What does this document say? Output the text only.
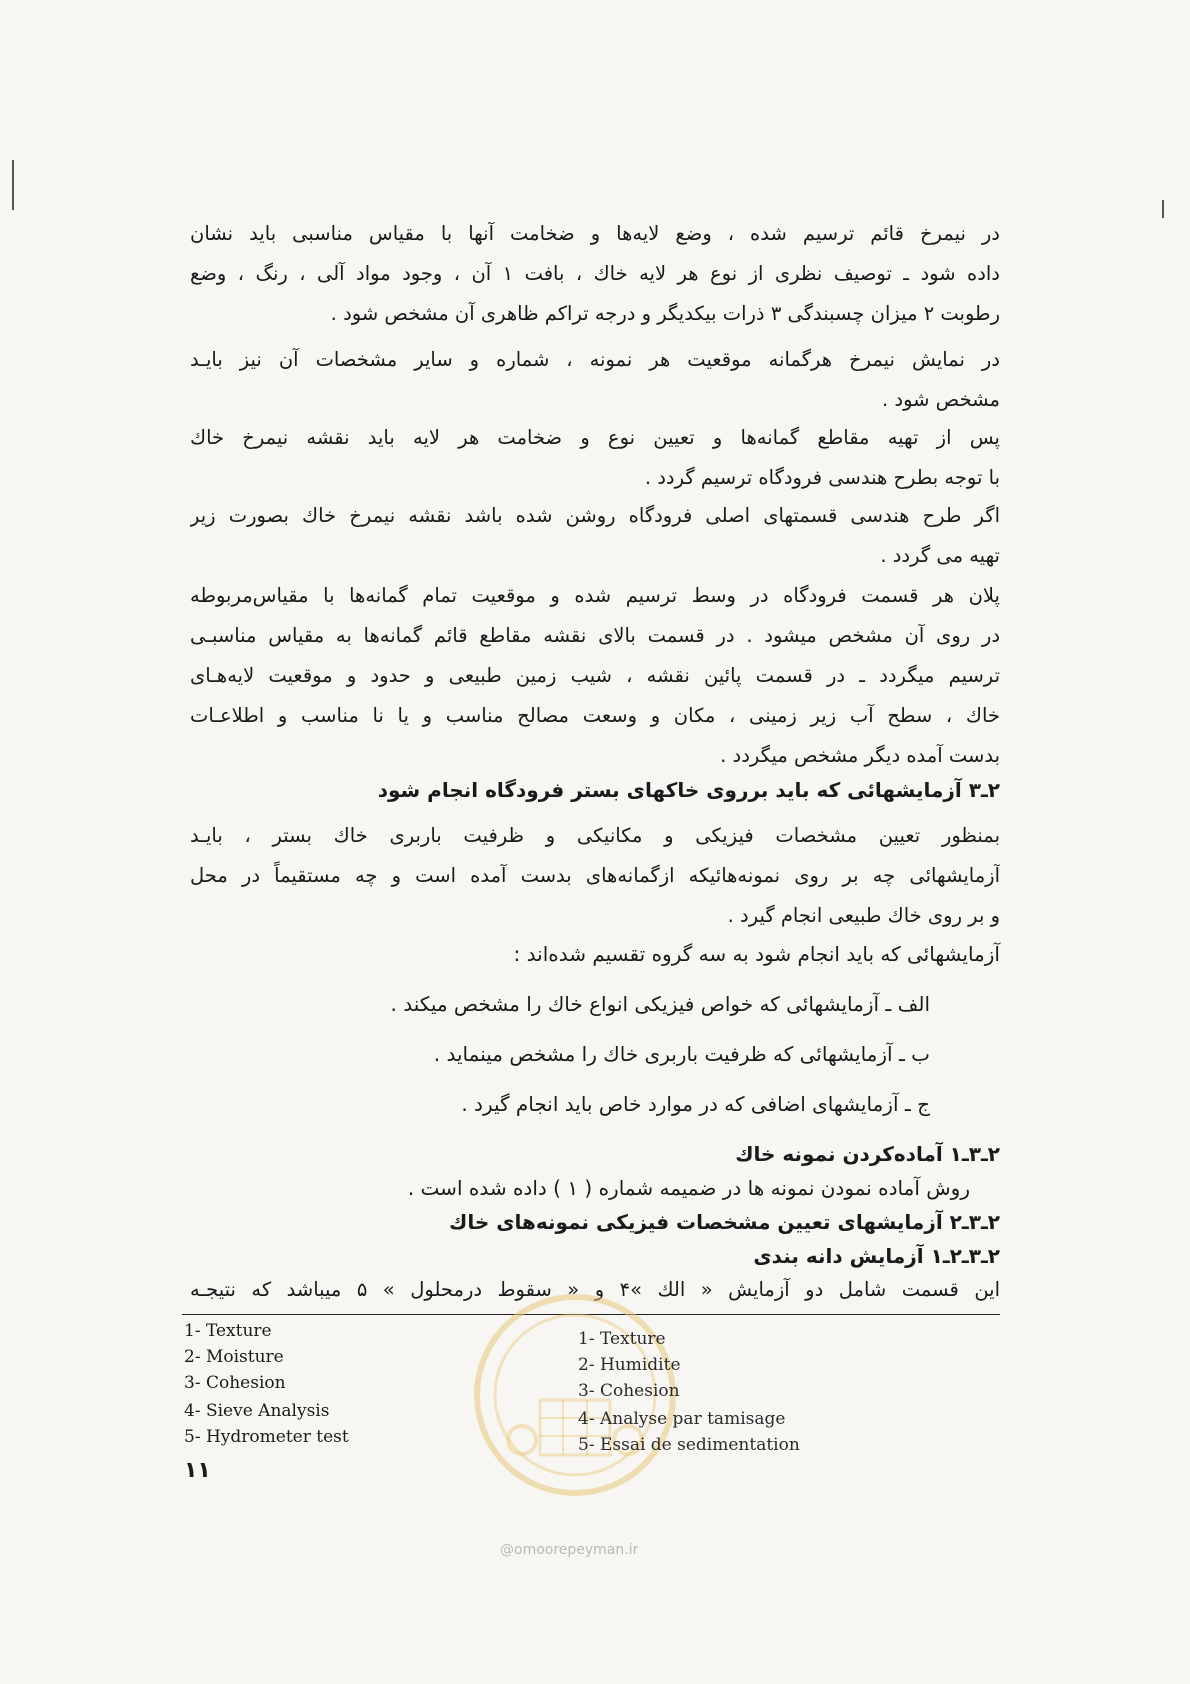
در نیمرخ قائم ترسیم شده ، وضع لایه‌ها و ضخامت آنها با مقیاس مناسبی باید نشان
داده شود ـ توصیف نظری از نوع هر لایه خاك ، بافت ۱ آن ، وجود مواد آلی ، رنگ ، وضع
رطوبت ۲ میزان چسبندگی ۳ ذرات بیکدیگر و درجه تراکم ظاهری آن مشخص شود .
در نمایش نیمرخ هرگمانه موقعیت هر نمونه ، شماره و سایر مشخصات آن نیز بایـد
مشخص شود .
پس از تهیه مقاطع گمانه‌ها و تعیین نوع و ضخامت هر لایه باید نقشه نیمرخ خاك
با توجه بطرح هندسی فرودگاه ترسیم گردد .
اگر طرح هندسی قسمتهای اصلی فرودگاه روشن شده باشد نقشه نیمرخ خاك بصورت زیر
تهیه می گردد .
پلان هر قسمت فرودگاه در وسط ترسیم شده و موقعیت تمام گمانه‌ها با مقیاس‌مربوطه
در روی آن مشخص میشود . در قسمت بالای نقشه مقاطع قائم گمانه‌ها به مقیاس مناسبـی
ترسیم میگردد ـ در قسمت پائین نقشه ، شیب زمین طبیعی و حدود و موقعیت لایه‌هـای
خاك ، سطح آب زیر زمینی ، مکان و وسعت مصالح مناسب و یا نا مناسب و اطلاعـات
بدست آمده دیگر مشخص میگردد .
۲ـ۳ آزمایشهائی که باید برروی خاکهای بستر فرودگاه انجام شود
بمنظور تعیین مشخصات فیزیکی و مکانیکی و ظرفیت باربری خاك بستر ، بایـد
آزمایشهائی چه بر روی نمونه‌هائیکه ازگمانه‌های بدست آمده است و چه مستقیماً در محل
و بر روی خاك طبیعی انجام گیرد .
آزمایشهائی که باید انجام شود به سه گروه تقسیم شده‌اند :
الف ـ آزمایشهائی که خواص فیزیکی انواع خاك را مشخص میکند .
ب ـ آزمایشهائی که ظرفیت باربری خاك را مشخص مینماید .
ج ـ آزمایشهای اضافی که در موارد خاص باید انجام گیرد .
۲ـ۳ـ۱ آماده‌کردن نمونه خاك
روش آماده نمودن نمونه ها در ضمیمه شماره ( ۱ ) داده شده است .
۲ـ۳ـ۲ آزمایشهای تعیین مشخصات فیزیکی نمونه‌های خاك
۲ـ۳ـ۲ـ۱ آزمایش دانه بندی
این قسمت شامل دو آزمایش « الك »۴ و « سقوط درمحلول » ۵ میباشد که نتیجـه
1- Texture
2- Moisture
3- Cohesion
4- Sieve Analysis
5- Hydrometer test
1- Texture
2- Humidite
3- Cohesion
4- Analyse par tamisage
5- Essai de sedimentation
۱۱
@omoorepeyman.ir
